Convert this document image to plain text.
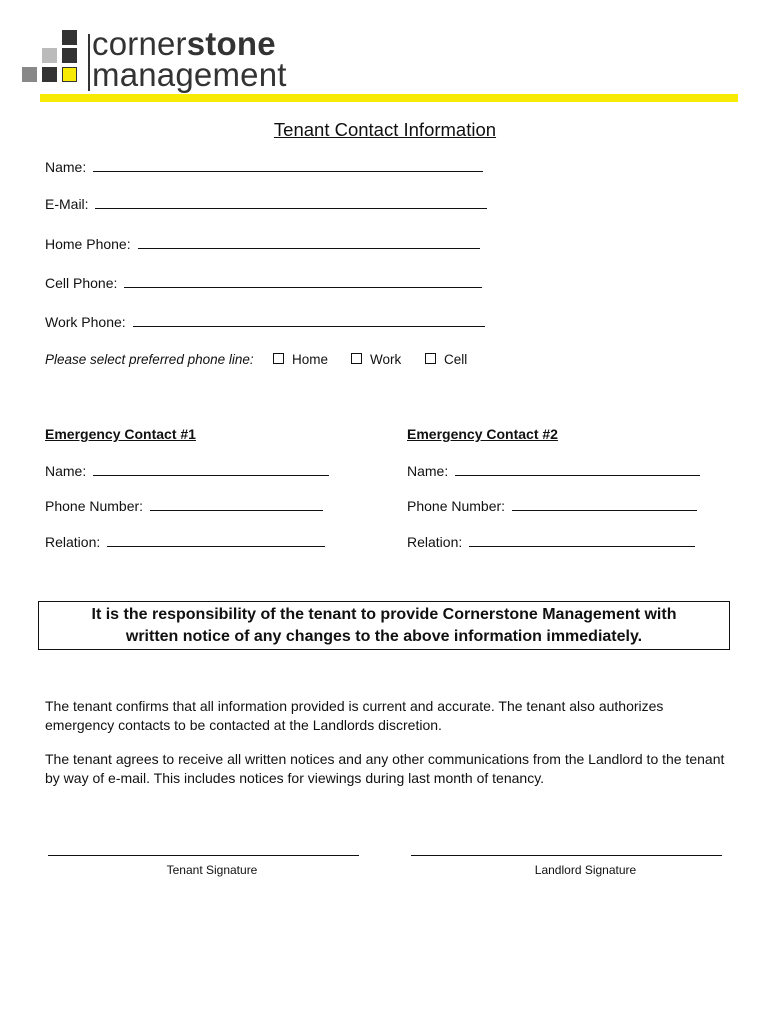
cornerstone
management
Tenant Contact Information
Name:
E-Mail:
Home Phone:
Cell Phone:
Work Phone:
Please select preferred phone line:	Home	Work	Cell
Emergency Contact #1
Name:
Phone Number:
Relation:
Emergency Contact #2
Name:
Phone Number:
Relation:
It is the responsibility of the tenant to provide Cornerstone Management with
written notice of any changes to the above information immediately.
The tenant confirms that all information provided is current and accurate. The tenant also authorizes emergency contacts to be contacted at the Landlords discretion.
The tenant agrees to receive all written notices and any other communications from the Landlord to the tenant by way of e-mail. This includes notices for viewings during last month of tenancy.
Tenant Signature	Landlord Signature
